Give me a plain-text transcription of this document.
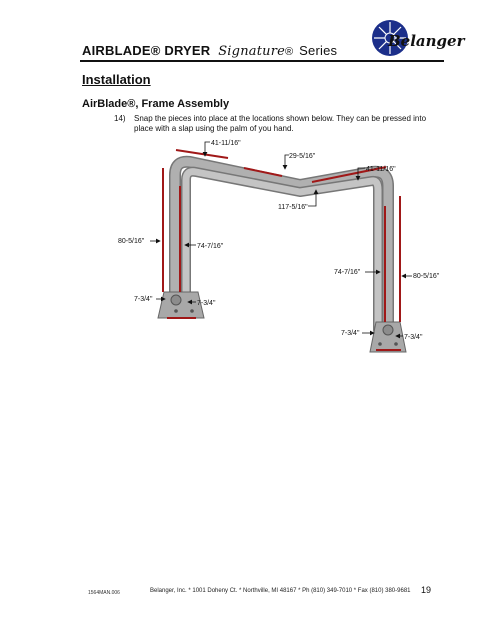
AIRBLADE® DRYER Signature® Series
Belanger
Installation
AirBlade®, Frame Assembly
14) Snap the pieces into place at the locations shown below. They can be pressed into place with a slap using the palm of you hand.
41-11/16"
29-5/16"
41-11/16"
117-5/16"
80-5/16"
74-7/16"
74-7/16"
80-5/16"
7-3/4"
7-3/4"
7-3/4"
7-3/4"
1564MAN.006	Belanger, Inc. * 1001 Doheny Ct. * Northville, MI 48167 * Ph (810) 349-7010 * Fax (810) 380-9681 19
